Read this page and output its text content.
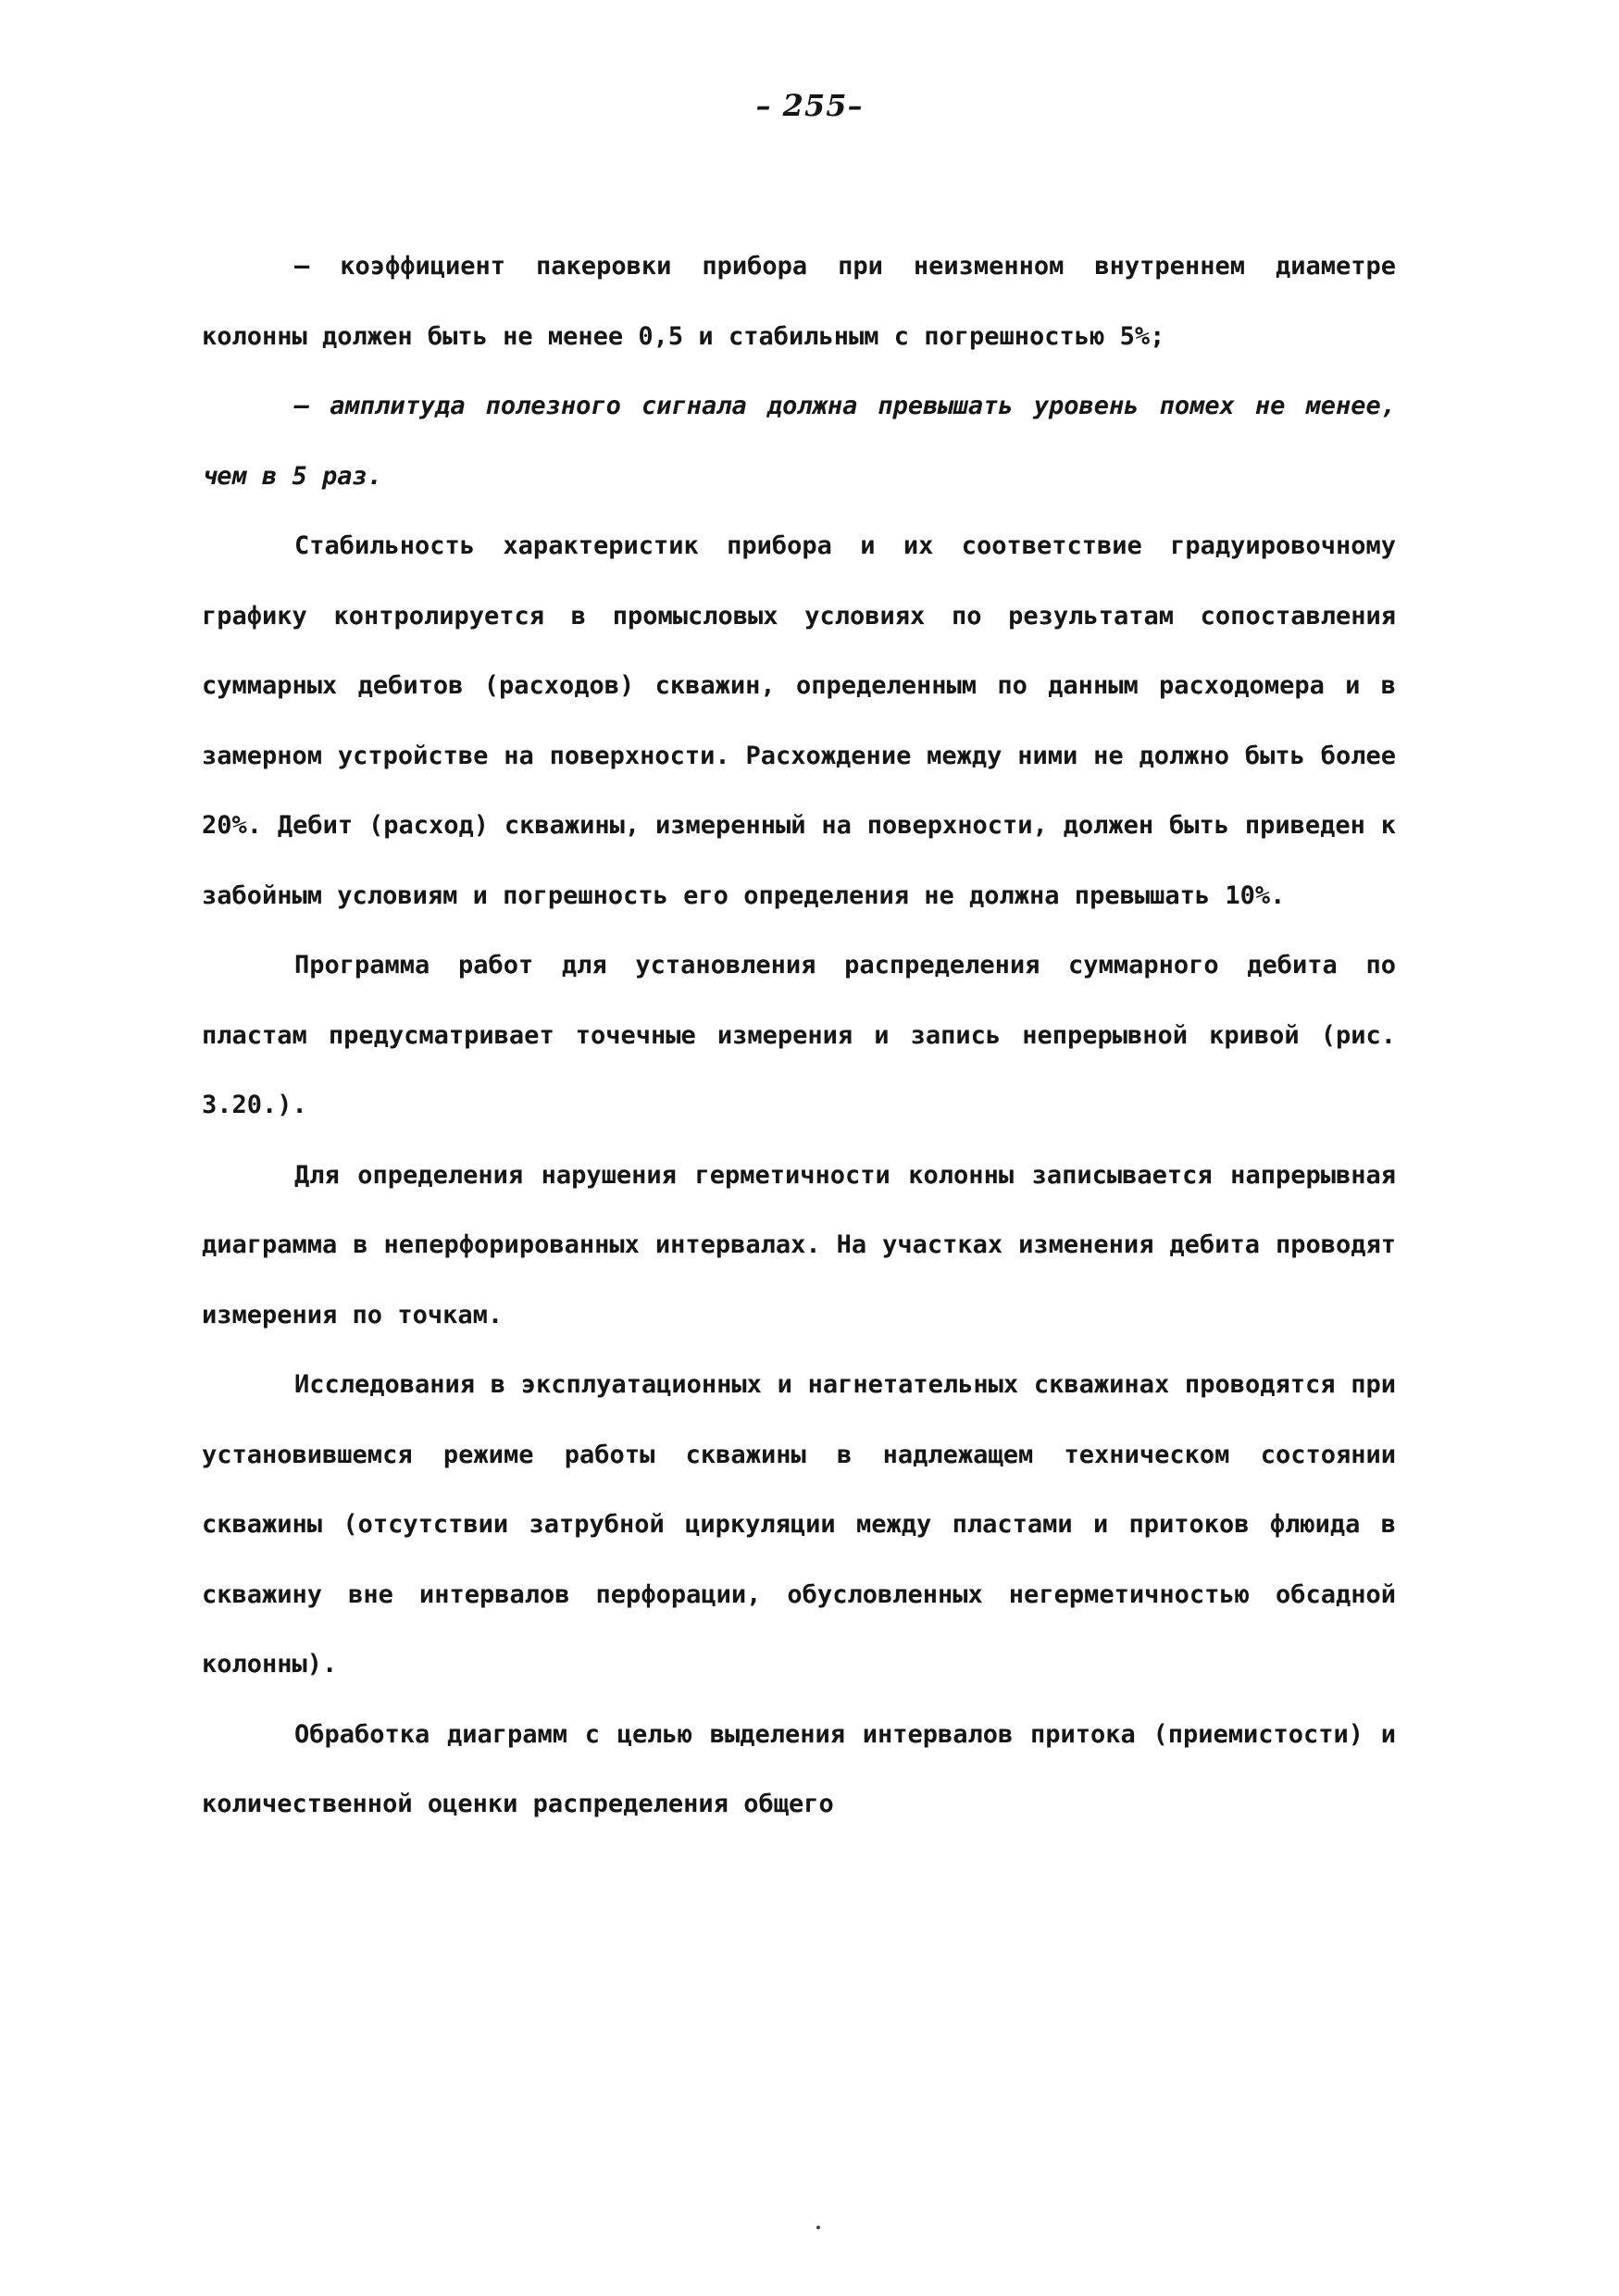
– 255–

– коэффициент пакеровки прибора при неизменном внутреннем диаметре колонны должен быть не менее 0,5 и стабильным с погрешностью 5%;

– амплитуда полезного сигнала должна превышать уровень помех не менее, чем в 5 раз.

Стабильность характеристик прибора и их соответствие градуировочному графику контролируется в промысловых условиях по результатам сопоставления суммарных дебитов (расходов) скважин, определенным по данным расходомера и в замерном устройстве на поверхности. Расхождение между ними не должно быть более 20%. Дебит (расход) скважины, измеренный на поверхности, должен быть приведен к забойным условиям и погрешность его определения не должна превышать 10%.

Программа работ для установления распределения суммарного дебита по пластам предусматривает точечные измерения и запись непрерывной кривой (рис. 3.20.).

Для определения нарушения герметичности колонны записывается напрерывная диаграмма в неперфорированных интервалах. На участках изменения дебита проводят измерения по точкам.

Исследования в эксплуатационных и нагнетательных скважинах проводятся при установившемся режиме работы скважины в надлежащем техническом состоянии скважины (отсутствии затрубной циркуляции между пластами и притоков флюида в скважину вне интервалов перфорации, обусловленных негерметичностью обсадной колонны).

Обработка диаграмм с целью выделения интервалов притока (приемистости) и количественной оценки распределения общего
